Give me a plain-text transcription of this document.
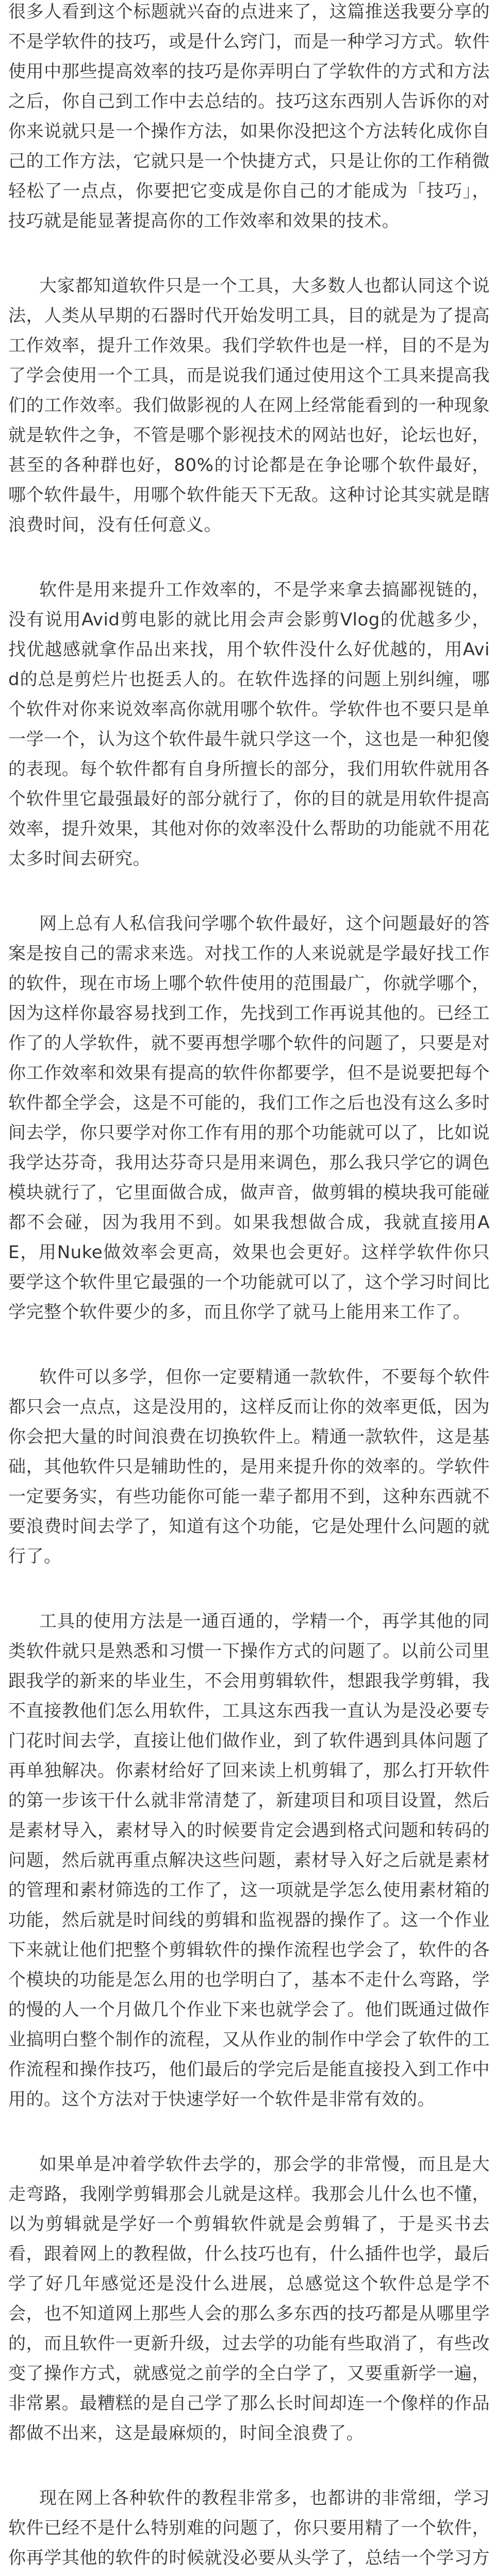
很多人看到这个标题就兴奋的点进来了，这篇推送我要分享的不是学软件的技巧，或是什么窍门，而是一种学习方式。软件使用中那些提高效率的技巧是你弄明白了学软件的方式和方法之后，你自己到工作中去总结的。技巧这东西别人告诉你的对你来说就只是一个操作方法，如果你没把这个方法转化成你自己的工作方法，它就只是一个快捷方式，只是让你的工作稍微轻松了一点点，你要把它变成是你自己的才能成为「技巧」，技巧就是能显著提高你的工作效率和效果的技术。

大家都知道软件只是一个工具，大多数人也都认同这个说法，人类从早期的石器时代开始发明工具，目的就是为了提高工作效率，提升工作效果。我们学软件也是一样，目的不是为了学会使用一个工具，而是说我们通过使用这个工具来提高我们的工作效率。我们做影视的人在网上经常能看到的一种现象就是软件之争，不管是哪个影视技术的网站也好，论坛也好，甚至的各种群也好，80%的讨论都是在争论哪个软件最好，哪个软件最牛，用哪个软件能天下无敌。这种讨论其实就是瞎浪费时间，没有任何意义。

软件是用来提升工作效率的，不是学来拿去搞鄙视链的，没有说用Avid剪电影的就比用会声会影剪Vlog的优越多少，找优越感就拿作品出来找，用个软件没什么好优越的，用Avid的总是剪烂片也挺丢人的。在软件选择的问题上别纠缠，哪个软件对你来说效率高你就用哪个软件。学软件也不要只是单一学一个，认为这个软件最牛就只学这一个，这也是一种犯傻的表现。每个软件都有自身所擅长的部分，我们用软件就用各个软件里它最强最好的部分就行了，你的目的就是用软件提高效率，提升效果，其他对你的效率没什么帮助的功能就不用花太多时间去研究。

网上总有人私信我问学哪个软件最好，这个问题最好的答案是按自己的需求来选。对找工作的人来说就是学最好找工作的软件，现在市场上哪个软件使用的范围最广，你就学哪个，因为这样你最容易找到工作，先找到工作再说其他的。已经工作了的人学软件，就不要再想学哪个软件的问题了，只要是对你工作效率和效果有提高的软件你都要学，但不是说要把每个软件都全学会，这是不可能的，我们工作之后也没有这么多时间去学，你只要学对你工作有用的那个功能就可以了，比如说我学达芬奇，我用达芬奇只是用来调色，那么我只学它的调色模块就行了，它里面做合成，做声音，做剪辑的模块我可能碰都不会碰，因为我用不到。如果我想做合成，我就直接用AE，用Nuke做效率会更高，效果也会更好。这样学软件你只要学这个软件里它最强的一个功能就可以了，这个学习时间比学完整个软件要少的多，而且你学了就马上能用来工作了。

软件可以多学，但你一定要精通一款软件，不要每个软件都只会一点点，这是没用的，这样反而让你的效率更低，因为你会把大量的时间浪费在切换软件上。精通一款软件，这是基础，其他软件只是辅助性的，是用来提升你的效率的。学软件一定要务实，有些功能你可能一辈子都用不到，这种东西就不要浪费时间去学了，知道有这个功能，它是处理什么问题的就行了。

工具的使用方法是一通百通的，学精一个，再学其他的同类软件就只是熟悉和习惯一下操作方式的问题了。以前公司里跟我学的新来的毕业生，不会用剪辑软件，想跟我学剪辑，我不直接教他们怎么用软件，工具这东西我一直认为是没必要专门花时间去学，直接让他们做作业，到了软件遇到具体问题了再单独解决。你素材给好了回来读上机剪辑了，那么打开软件的第一步该干什么就非常清楚了，新建项目和项目设置，然后是素材导入，素材导入的时候要肯定会遇到格式问题和转码的问题，然后就再重点解决这些问题，素材导入好之后就是素材的管理和素材筛选的工作了，这一项就是学怎么使用素材箱的功能，然后就是时间线的剪辑和监视器的操作了。这一个作业下来就让他们把整个剪辑软件的操作流程也学会了，软件的各个模块的功能是怎么用的也学明白了，基本不走什么弯路，学的慢的人一个月做几个作业下来也就学会了。他们既通过做作业搞明白整个制作的流程，又从作业的制作中学会了软件的工作流程和操作技巧，他们最后的学完后是能直接投入到工作中用的。这个方法对于快速学好一个软件是非常有效的。

如果单是冲着学软件去学的，那会学的非常慢，而且是大走弯路，我刚学剪辑那会儿就是这样。我那会儿什么也不懂，以为剪辑就是学好一个剪辑软件就是会剪辑了，于是买书去看，跟着网上的教程做，什么技巧也有，什么插件也学，最后学了好几年感觉还是没什么进展，总感觉这个软件总是学不会，也不知道网上那些人会的那么多东西的技巧都是从哪里学的，而且软件一更新升级，过去学的功能有些取消了，有些改变了操作方式，就感觉之前学的全白学了，又要重新学一遍，非常累。最糟糕的是自己学了那么长时间却连一个像样的作品都做不出来，这是最麻烦的，时间全浪费了。

现在网上各种软件的教程非常多，也都讲的非常细，学习软件已经不是什么特别难的问题了，你只要用精了一个软件，你再学其他的软件的时候就没必要从头学了，总结一个学习方
